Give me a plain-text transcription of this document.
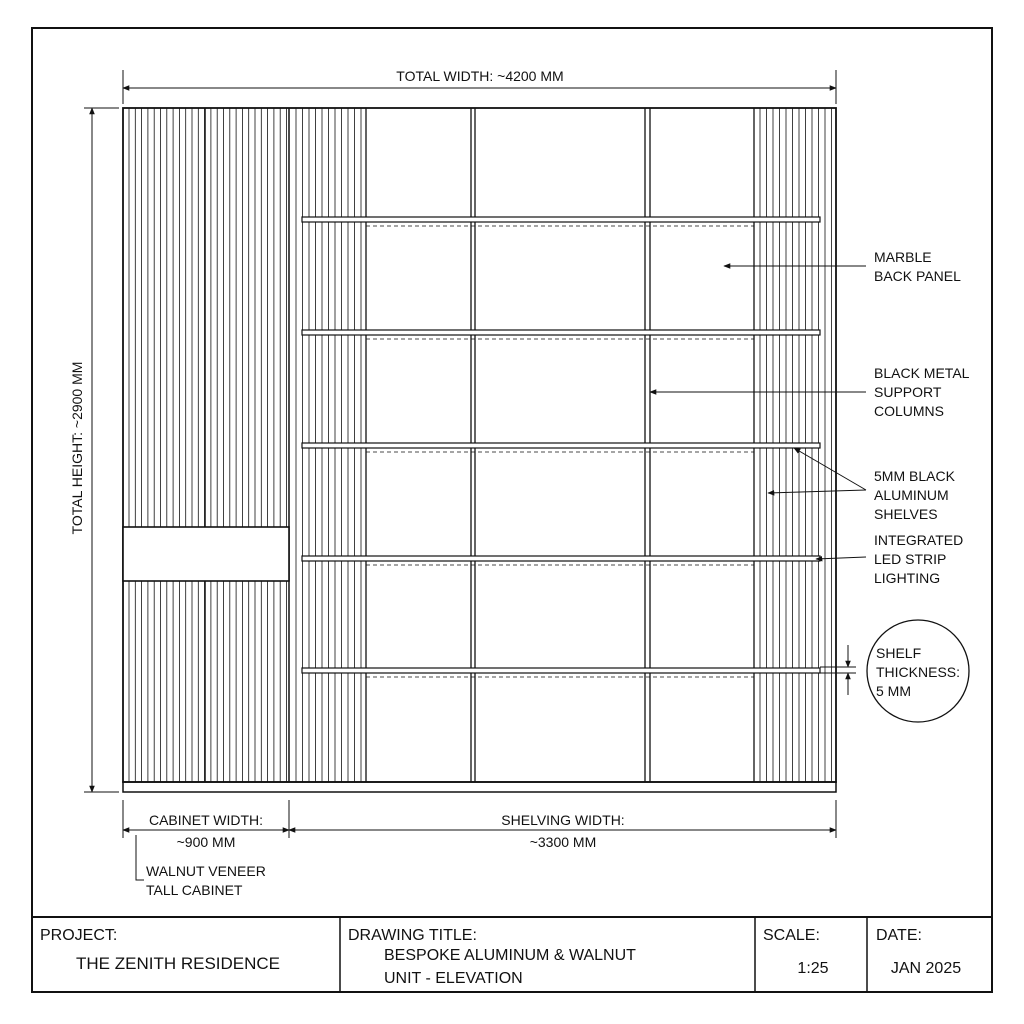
TOTAL WIDTH: ~4200 MM
TOTAL HEIGHT: ~2900 MM
CABINET WIDTH:
~900 MM
SHELVING WIDTH:
~3300 MM
WALNUT VENEER
TALL CABINET
MARBLE
BACK PANEL
BLACK METAL
SUPPORT
COLUMNS
5MM BLACK
ALUMINUM
SHELVES
INTEGRATED
LED STRIP
LIGHTING
SHELF
THICKNESS:
5 MM
PROJECT:
THE ZENITH RESIDENCE
DRAWING TITLE:
BESPOKE ALUMINUM & WALNUT
UNIT - ELEVATION
SCALE:
1:25
DATE:
JAN 2025
